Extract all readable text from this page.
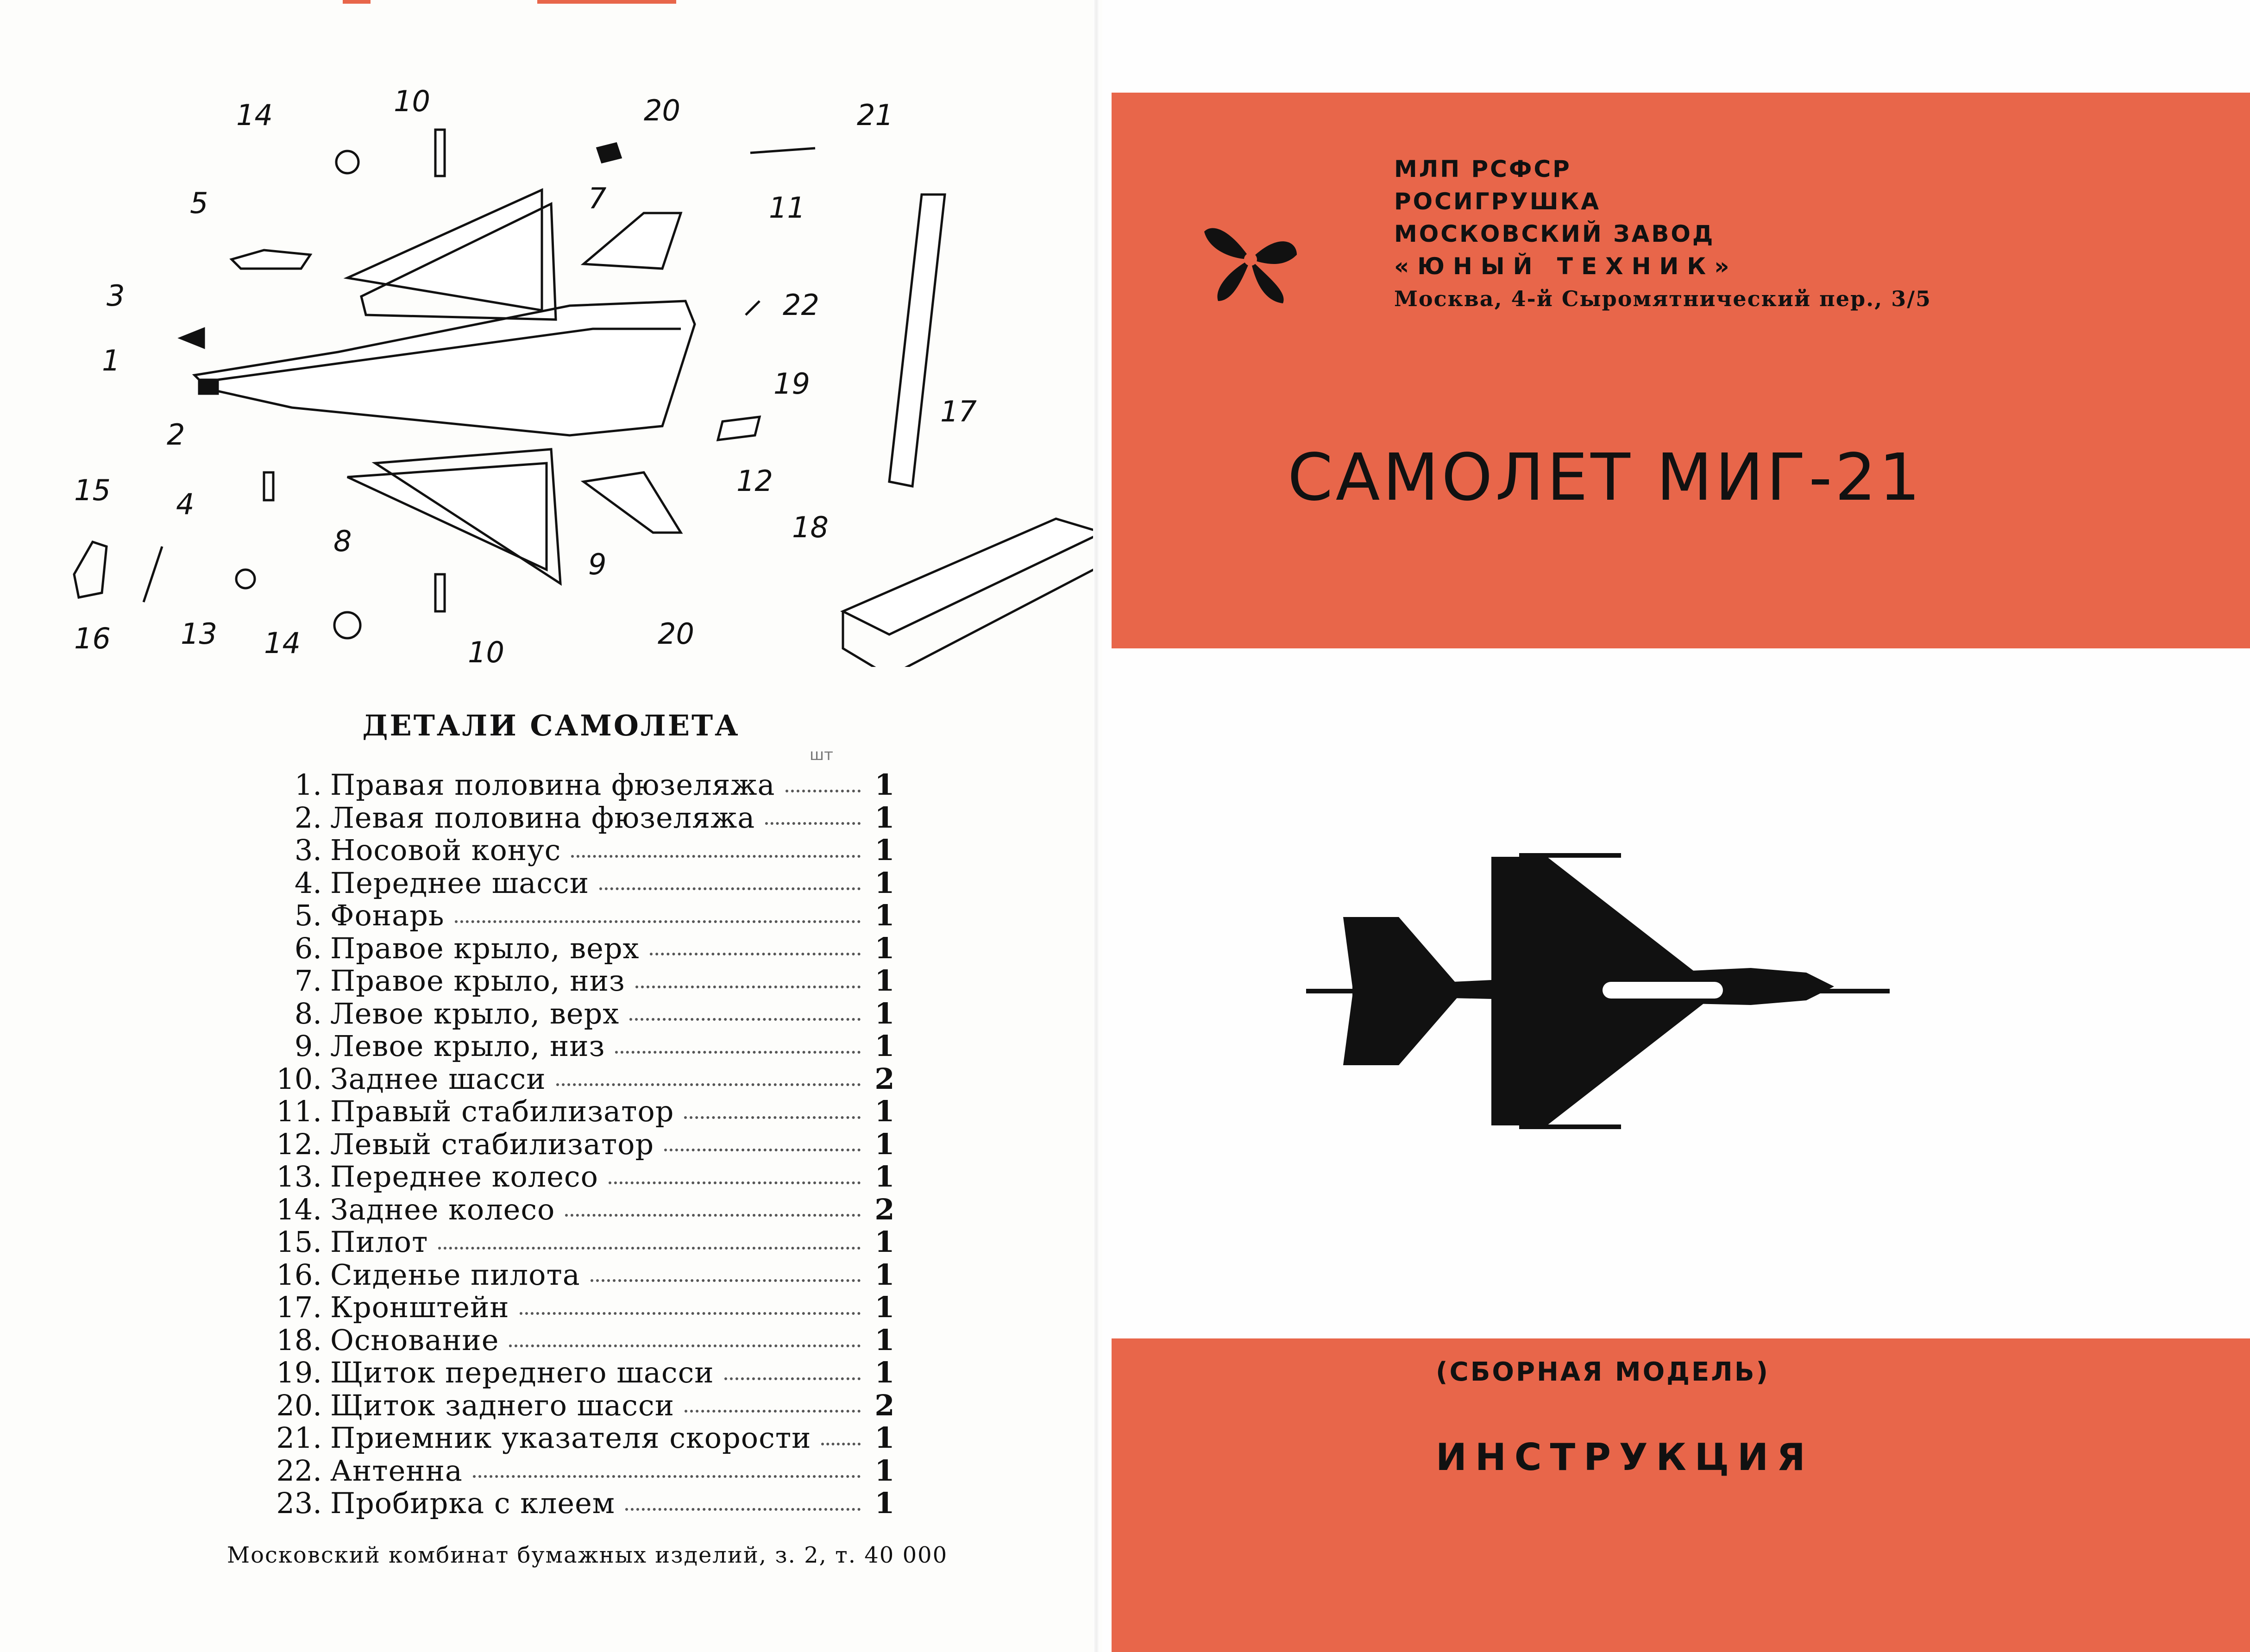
14	10	20	21
5	7	11
3	22
1
2
19
17
15 4
8
9
12
18
16 13 14	10
20
ДЕТАЛИ САМОЛЕТА
шт
1. Правая половина фюзеляжа	1
2. Левая половина фюзеляжа	1
3. Носовой конус	1
4. Переднее шасси	1
5. Фонарь	1
6. Правое крыло, верх	1
7. Правое крыло, низ	1
8. Левое крыло, верх	1
9. Левое крыло, низ	1
10. Заднее шасси	2
11. Правый стабилизатор	1
12. Левый стабилизатор	1
13. Переднее колесо	1
14. Заднее колесо	2
15. Пилот	1
16. Сиденье пилота	1
17. Кронштейн	1
18. Основание	1
19. Щиток переднего шасси	1
20. Щиток заднего шасси	2
21. Приемник указателя скорости 1
22. Антенна	1
23. Пробирка с клеем	1
Московский комбинат бумажных изделий, з. 2, т. 40 000
МЛП РСФСР
РОСИГРУШКА
МОСКОВСКИЙ ЗАВОД
«ЮНЫЙ ТЕХНИК»
Москва, 4-й Сыромятнический пер., 3/5
САМОЛЕТ МИГ-21
(СБОРНАЯ МОДЕЛЬ)
ИНСТРУКЦИЯ
